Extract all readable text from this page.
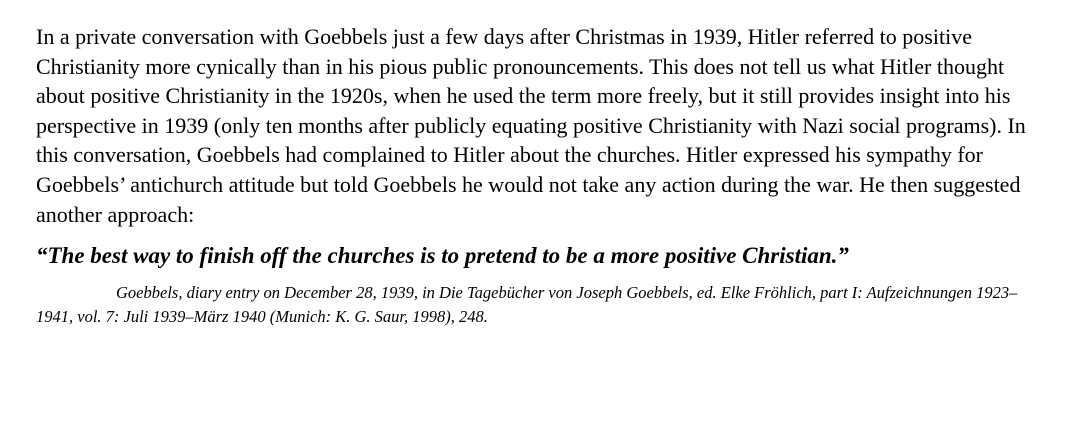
In a private conversation with Goebbels just a few days after Christmas in 1939, Hitler referred to positive Christianity more cynically than in his pious public pronouncements. This does not tell us what Hitler thought about positive Christianity in the 1920s, when he used the term more freely, but it still provides insight into his perspective in 1939 (only ten months after publicly equating positive Christianity with Nazi social programs). In this conversation, Goebbels had complained to Hitler about the churches. Hitler expressed his sympathy for Goebbels’ antichurch attitude but told Goebbels he would not take any action during the war. He then suggested another approach:

“The best way to finish off the churches is to pretend to be a more positive Christian.”

Goebbels, diary entry on December 28, 1939, in Die Tagebücher von Joseph Goebbels, ed. Elke Fröhlich, part I: Aufzeichnungen 1923– 1941, vol. 7: Juli 1939–März 1940 (Munich: K. G. Saur, 1998), 248.
